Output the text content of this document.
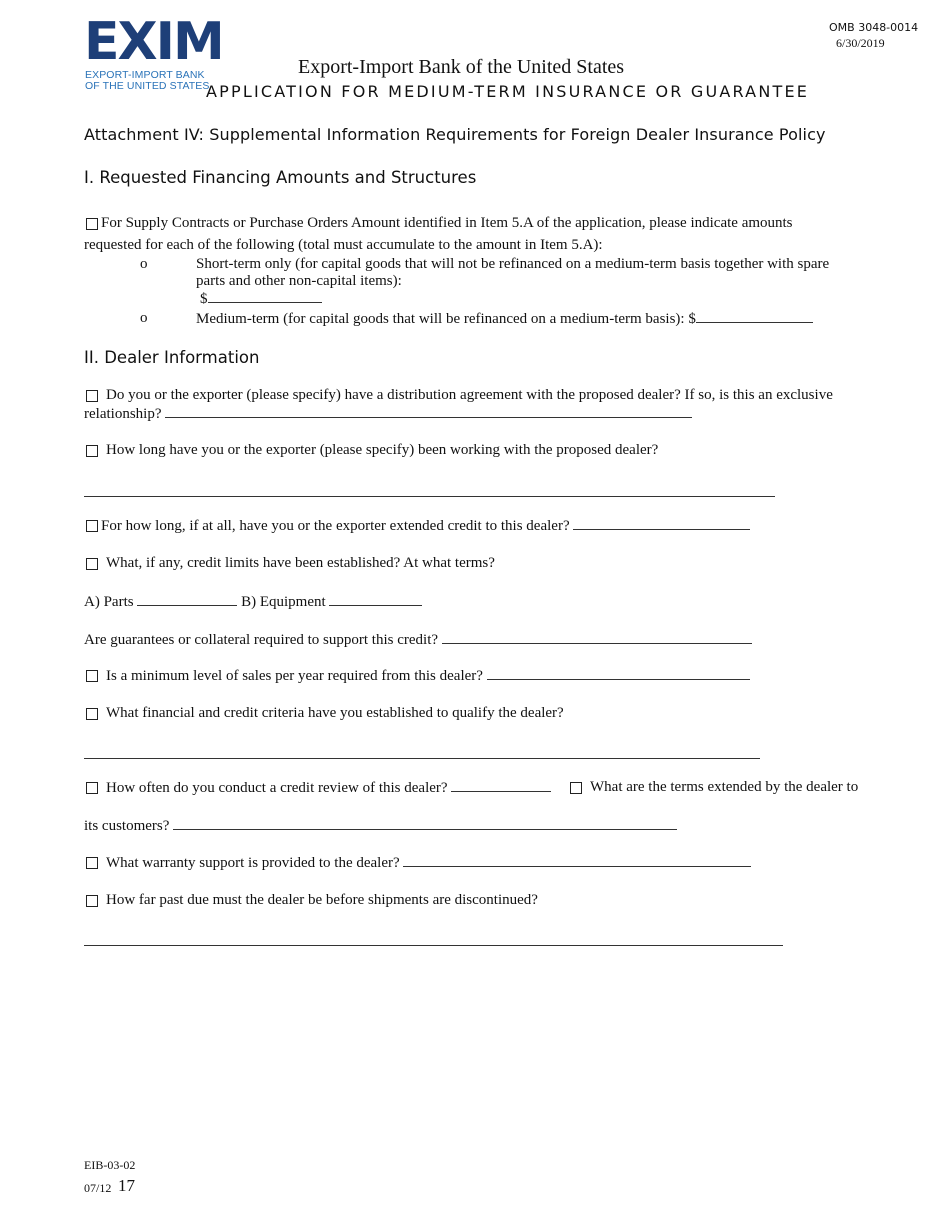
EXIM
EXPORT-IMPORT BANK
OF THE UNITED STATES
OMB 3048-0014
6/30/2019
Export-Import Bank of the United States
APPLICATION FOR MEDIUM-TERM INSURANCE OR GUARANTEE
Attachment IV: Supplemental Information Requirements for Foreign Dealer Insurance Policy
I. Requested Financing Amounts and Structures
For Supply Contracts or Purchase Orders Amount identified in Item 5.A of the application, please indicate amounts
requested for each of the following (total must accumulate to the amount in Item 5.A):
o	Short-term only (for capital goods that will not be refinanced on a medium-term basis together with spare
parts and other non-capital items):
$
o	Medium-term (for capital goods that will be refinanced on a medium-term basis): $
II. Dealer Information
Do you or the exporter (please specify) have a distribution agreement with the proposed dealer? If so, is this an exclusive
relationship?
How long have you or the exporter (please specify) been working with the proposed dealer?
For how long, if at all, have you or the exporter extended credit to this dealer?
What, if any, credit limits have been established? At what terms?
A) Parts	B) Equipment
Are guarantees or collateral required to support this credit?
Is a minimum level of sales per year required from this dealer?
What financial and credit criteria have you established to qualify the dealer?
How often do you conduct a credit review of this dealer?	What are the terms extended by the dealer to
its customers?
What warranty support is provided to the dealer?
How far past due must the dealer be before shipments are discontinued?
EIB-03-02
07/12 17
